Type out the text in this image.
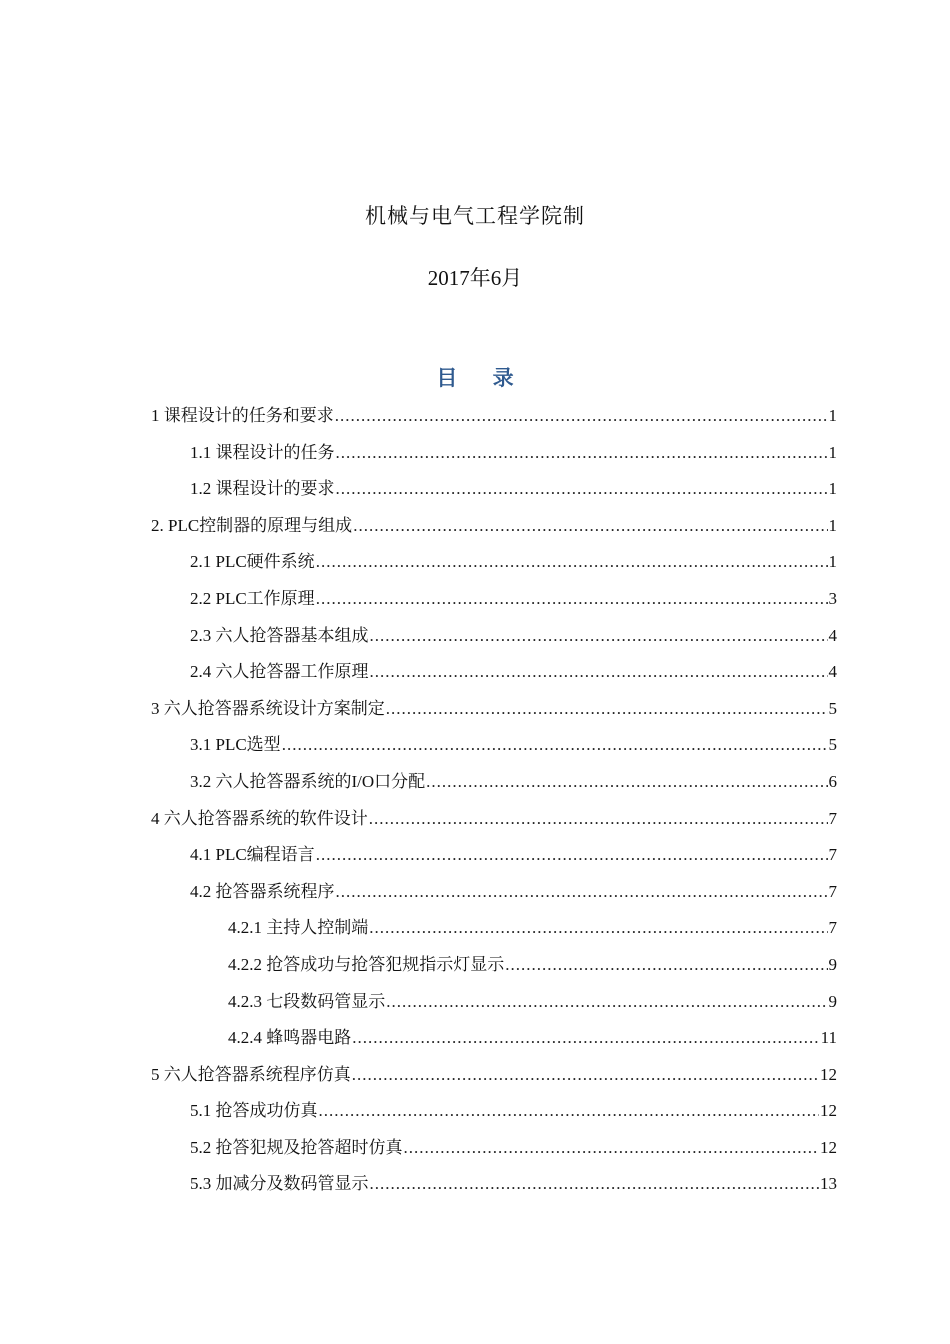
机械与电气工程学院制
2017年6月
目 录
1 课程设计的任务和要求 .....	1
1.1 课程设计的任务 .....	1
1.2 课程设计的要求 .....	1
2. PLC控制器的原理与组成 .....	1
2.1 PLC硬件系统 .....	1
2.2 PLC工作原理 .....	3
2.3 六人抢答器基本组成 .....	4
2.4 六人抢答器工作原理 .....	4
3 六人抢答器系统设计方案制定 .....	5
3.1 PLC选型 .....	5
3.2 六人抢答器系统的I/O口分配 .....	6
4 六人抢答器系统的软件设计 .....	7
4.1 PLC编程语言 .....	7
4.2 抢答器系统程序 .....	7
4.2.1 主持人控制端 .....	7
4.2.2 抢答成功与抢答犯规指示灯显示 .....	9
4.2.3 七段数码管显示 .....	9
4.2.4 蜂鸣器电路 .....	11
5 六人抢答器系统程序仿真 .....	12
5.1 抢答成功仿真 .....	12
5.2 抢答犯规及抢答超时仿真 .....	12
5.3 加减分及数码管显示 .....	13
